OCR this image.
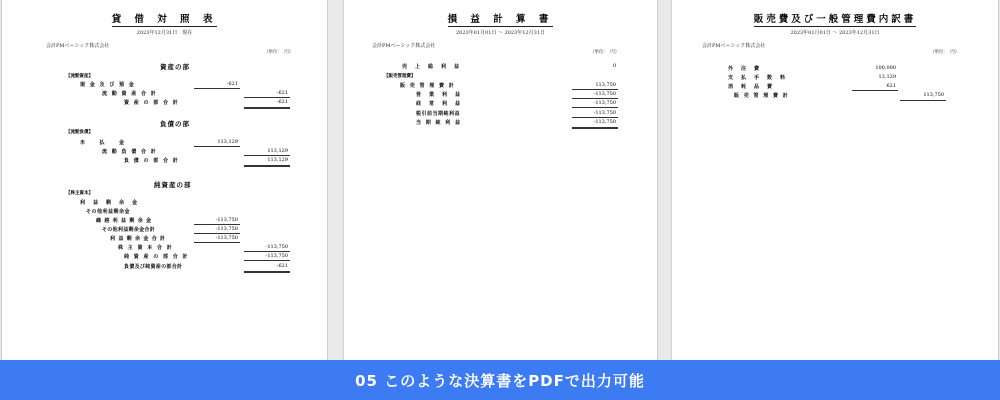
貸 借 対 照 表
2023年12月31日　現在
会計PMベーシック株式会社
（単位：　円）
資産の部
【流動資産】
現 金 及 び 預 金	-621
流 動 資 産 合 計	-621
資 産 の 部 合 計	-621
負債の部
【流動負債】
未　　払　　金	113,129
流 動 負 債 合 計	113,129
負 債 の 部 合 計	113,129
純資産の部
【株主資本】
利　益　剰　余　金
その他利益剰余金
繰 越 利 益 剰 余 金	-113,750
その他利益剰余金合計	-113,750
利 益 剰 余 金 合 計	-113,750
株 主 資 本 合 計	-113,750
純 資 産 の 部 合 計	-113,750
負債及び純資産の部合計	-621
損 益 計 算 書
2023年01月01日 〜 2023年12月31日
会計PMベーシック株式会社
（単位：　円）
売　上　総　利　益	0
【販売管理費】
販 売 管 理 費 計	113,750
営　業　利　益	-113,750
経　常　利　益	-113,750
税引前当期純利益	-113,750
当 期 純 利 益	-113,750
販売費及び一般管理費内訳書
2023年01月01日 〜 2023年12月31日
会計PMベーシック株式会社
（単位：　円）
外　注　費	100,000
支　払　手　数　料	13,129
消　耗　品　費	621
販 売 管 理 費 計	113,750
05 このような決算書をPDFで出力可能
